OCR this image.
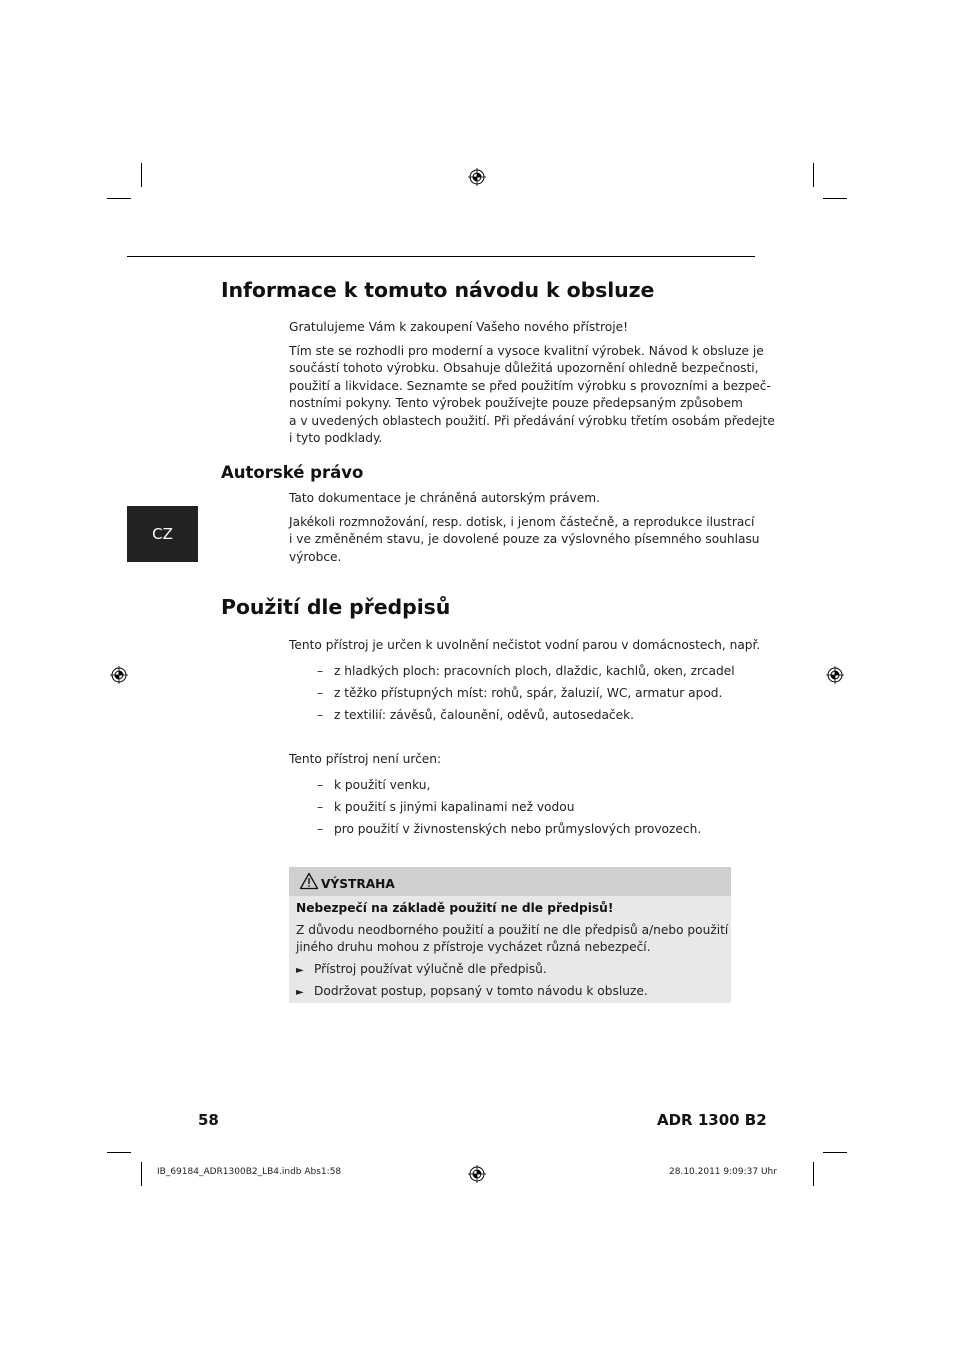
Informace k tomuto návodu k obsluze

Gratulujeme Vám k zakoupení Vašeho nového přístroje!

Tím ste se rozhodli pro moderní a vysoce kvalitní výrobek. Návod k obsluze je
součástí tohoto výrobku. Obsahuje důležitá upozornění ohledně bezpečnosti,
použití a likvidace. Seznamte se před použitím výrobku s provozními a bezpeč-
nostními pokyny. Tento výrobek používejte pouze předepsaným způsobem
a v uvedených oblastech použití. Při předávání výrobku třetím osobám předejte
i tyto podklady.
Autorské právo

Tato dokumentace je chráněná autorským právem.

Jakékoli rozmnožování, resp. dotisk, i jenom částečně, a reprodukce ilustrací
i ve změněném stavu, je dovolené pouze za výslovného písemného souhlasu
výrobce.
CZ
Použití dle předpisů

Tento přístroj je určen k uvolnění nečistot vodní parou v domácnostech, např.

– z hladkých ploch: pracovních ploch, dlaždic, kachlů, oken, zrcadel
– z těžko přístupných míst: rohů, spár, žaluzií, WC, armatur apod.
– z textilií: závěsů, čalounění, oděvů, autosedaček.

Tento přístroj není určen:

– k použití venku,
– k použití s jinými kapalinami než vodou
– pro použití v živnostenských nebo průmyslových provozech.
VÝSTRAHA
Nebezpečí na základě použití ne dle předpisů!
Z důvodu neodborného použití a použití ne dle předpisů a/nebo použití
jiného druhu mohou z přístroje vycházet různá nebezpečí.
► Přístroj používat výlučně dle předpisů.
► Dodržovat postup, popsaný v tomto návodu k obsluze.
58	ADR 1300 B2
IB_69184_ADR1300B2_LB4.indb Abs1:58	28.10.2011 9:09:37 Uhr
